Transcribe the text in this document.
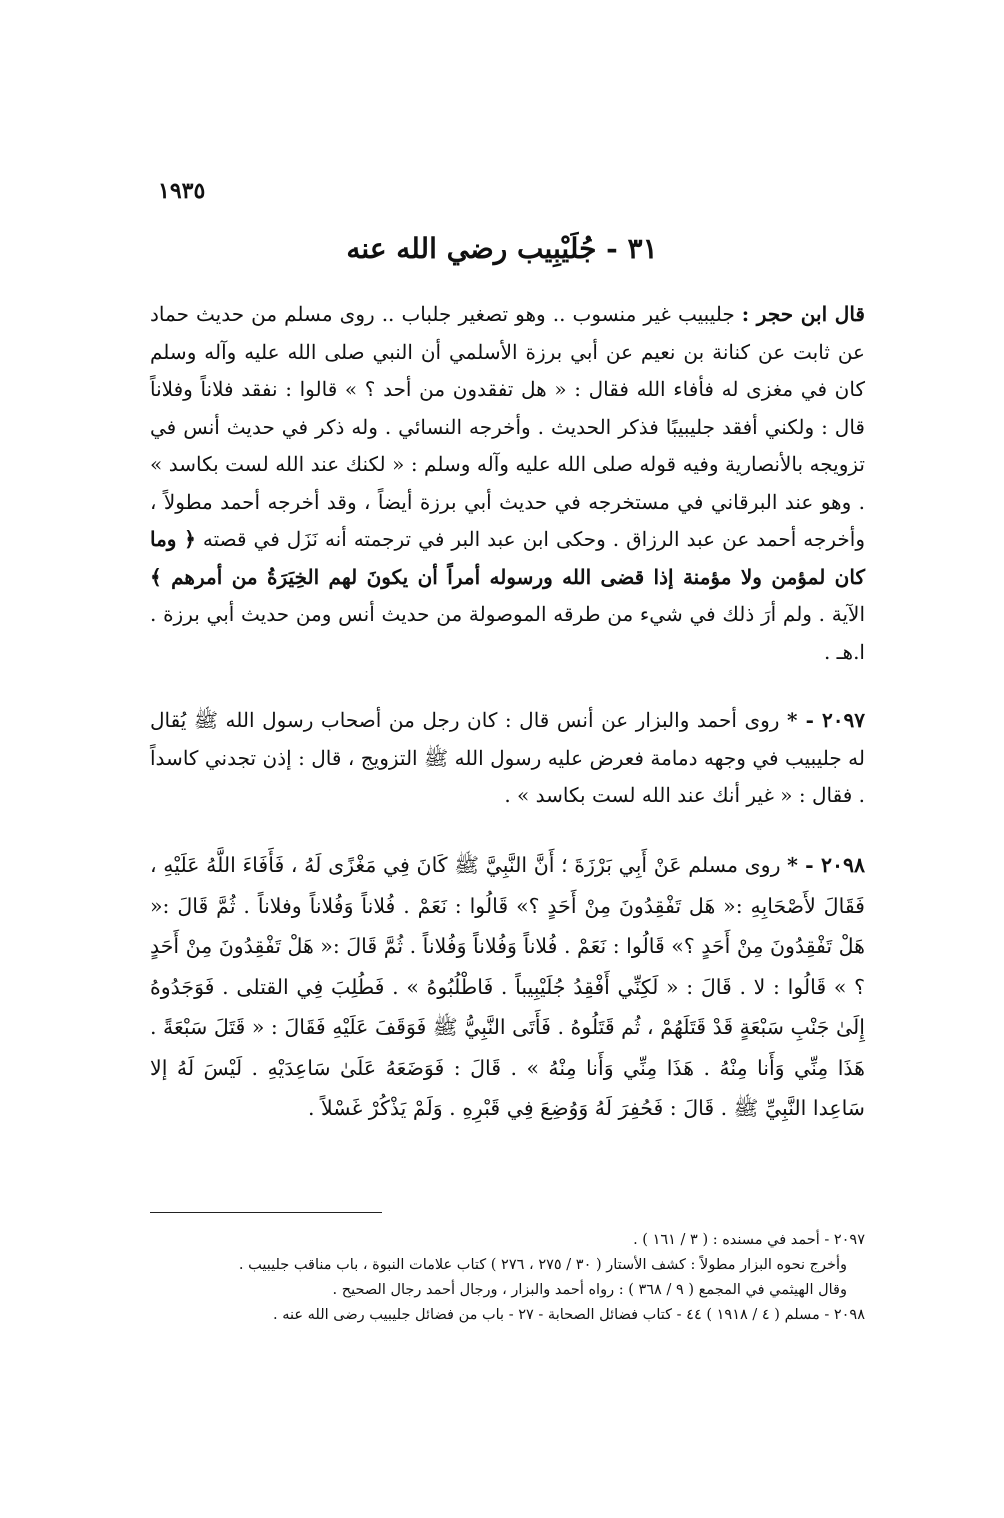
١٩٣٥
٣١ - جُلَيْبِيب رضي الله عنه
قال ابن حجر : جليبيب غير منسوب .. وهو تصغير جلباب .. روى مسلم من حديث حماد عن ثابت عن كنانة بن نعيم عن أبي برزة الأسلمي أن النبي صلى الله عليه وآله وسلم كان في مغزى له فأفاء الله فقال : « هل تفقدون من أحد ؟ » قالوا : نفقد فلاناً وفلاناً قال : ولكني أفقد جليبيبًا فذكر الحديث . وأخرجه النسائي . وله ذكر في حديث أنس في تزويجه بالأنصارية وفيه قوله صلى الله عليه وآله وسلم : « لكنك عند الله لست بكاسد » . وهو عند البرقاني في مستخرجه في حديث أبي برزة أيضاً ، وقد أخرجه أحمد مطولاً ، وأخرجه أحمد عن عبد الرزاق . وحكى ابن عبد البر في ترجمته أنه نَزَل في قصته ﴿ وما كان لمؤمن ولا مؤمنة إذا قضى الله ورسوله أمراً أن يكونَ لهم الخِيَرَةُ من أمرهم ﴾ الآية . ولم أرَ ذلك في شيء من طرقه الموصولة من حديث أنس ومن حديث أبي برزة . ا.هـ .
٢٠٩٧ - * روى أحمد والبزار عن أنس قال : كان رجل من أصحاب رسول الله ﷺ يُقال له جليبيب في وجهه دمامة فعرض عليه رسول الله ﷺ التزويج ، قال : إذن تجدني كاسداً . فقال : « غير أنك عند الله لست بكاسد » .
٢٠٩٨ - * روى مسلم عَنْ أَبِي بَرْزَةَ ؛ أَنَّ النَّبِيَّ ﷺ كَانَ فِي مَغْزًى لَهُ ، فَأَفَاءَ اللَّهُ عَلَيْهِ ، فَقَالَ لأَصْحَابِهِ :« هَل تَفْقِدُونَ مِنْ أَحَدٍ ؟» قَالُوا : نَعَمْ . فُلاناً وَفُلاناً وفلاناً . ثُمَّ قَالَ :« هَلْ تَفْقِدُونَ مِنْ أَحَدٍ ؟» قَالُوا : نَعَمْ . فُلاناً وَفُلاناً وَفُلاناً . ثُمَّ قَالَ :« هَلْ تَفْقِدُونَ مِنْ أَحَدٍ ؟ » قَالُوا : لا . قَالَ : « لَكِنِّي أَفْقِدُ جُلَيْبِيباً . فَاطْلُبُوهُ » . فَطُلِبَ فِي القتلى . فَوَجَدُوهُ إِلَىٰ جَنْبِ سَبْعَةٍ قَدْ قَتَلَهُمْ ، ثُم قَتَلُوهُ . فَأَتَى النَّبِيُّ ﷺ فَوَقَفَ عَلَيْهِ فَقَالَ : « قَتَلَ سَبْعَةً . هَذَا مِنِّي وَأَنا مِنْهُ . هَذَا مِنِّي وَأَنا مِنْهُ » . قَالَ : فَوَضَعَهُ عَلَىٰ سَاعِدَيْهِ . لَيْسَ لَهُ إلا سَاعِدا النَّبِيِّ ﷺ . قَالَ : فَحُفِرَ لَهُ وَوُضِعَ فِي قَبْرِهِ . وَلَمْ يَذْكُرْ غَسْلاً .
٢٠٩٧ - أحمد في مسنده : ( ٣ / ١٦١ ) .
وأخرج نحوه البزار مطولاً : كشف الأستار ( ٣٠ / ٢٧٥ ، ٢٧٦ ) كتاب علامات النبوة ، باب مناقب جليبيب .
وقال الهيثمي في المجمع ( ٩ / ٣٦٨ ) : رواه أحمد والبزار ، ورجال أحمد رجال الصحيح .
٢٠٩٨ - مسلم ( ٤ / ١٩١٨ ) ٤٤ - كتاب فضائل الصحابة - ٢٧ - باب من فضائل جليبيب رضى الله عنه .
